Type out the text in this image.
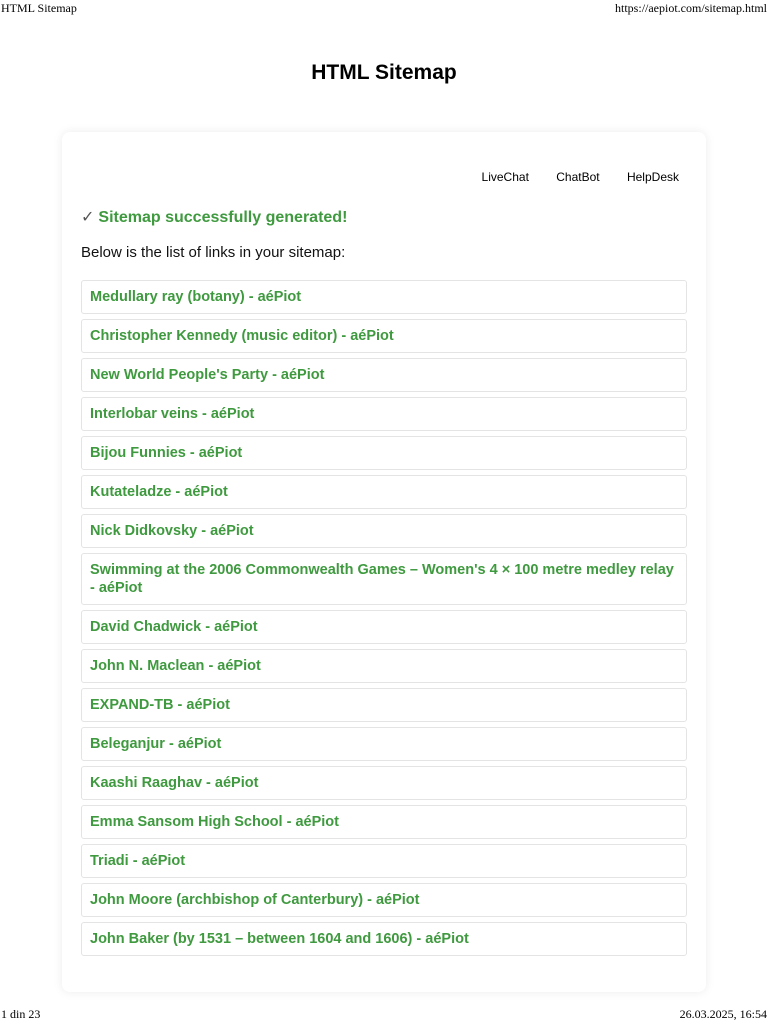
HTML Sitemap	https://aepiot.com/sitemap.html
HTML Sitemap
LiveChat ChatBot HelpDesk
✓ Sitemap successfully generated!

Below is the list of links in your sitemap:

Medullary ray (botany) - aéPiot
Christopher Kennedy (music editor) - aéPiot
New World People's Party - aéPiot
Interlobar veins - aéPiot
Bijou Funnies - aéPiot
Kutateladze - aéPiot
Nick Didkovsky - aéPiot
Swimming at the 2006 Commonwealth Games – Women's 4 × 100 metre medley relay - aéPiot
David Chadwick - aéPiot
John N. Maclean - aéPiot
EXPAND-TB - aéPiot
Beleganjur - aéPiot
Kaashi Raaghav - aéPiot
Emma Sansom High School - aéPiot
Triadi - aéPiot
John Moore (archbishop of Canterbury) - aéPiot
John Baker (by 1531 – between 1604 and 1606) - aéPiot
1 din 23	26.03.2025, 16:54
